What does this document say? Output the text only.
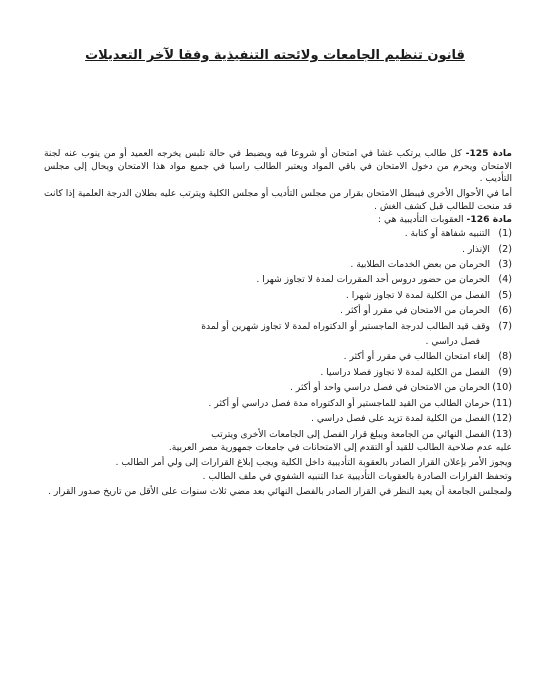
قانون تنظيم الجامعات ولائحته التنفيذية وفقا لآخر التعديلات

مادة 125- كل طالب يرتكب غشا في امتحان أو شروعا فيه ويضبط في حالة تلبس يخرجه العميد أو من ينوب عنه لجنة الامتحان ويحرم من دخول الامتحان في باقي المواد ويعتبر الطالب راسبا في جميع مواد هذا الامتحان ويحال إلى مجلس التأديب .

أما في الأحوال الأخرى فيبطل الامتحان بقرار من مجلس التأديب أو مجلس الكلية ويترتب عليه بطلان الدرجة العلمية إذا كانت قد منحت للطالب قبل كشف الغش .

مادة 126- العقوبات التأديبية هي :

(1)
التنبيه شفاهة أو كتابة .
(2)
الإنذار .
(3)
الحرمان من بعض الخدمات الطلابية .
(4)
الحرمان من حضور دروس أحد المقررات لمدة لا تجاوز شهرا .
(5)
الفصل من الكلية لمدة لا تجاوز شهرا .
(6)
الحرمان من الامتحان في مقرر أو أكثر .
(7)
وقف قيد الطالب لدرجة الماجستير أو الدكتوراه لمدة لا تجاوز شهرين أو لمدة
فصل دراسي .
(8)
إلغاء امتحان الطالب في مقرر أو أكثر .
(9)
الفصل من الكلية لمدة لا تجاوز فصلا دراسيا .
(10)
الحرمان من الامتحان في فصل دراسي واحد أو أكثر .
(11)
حرمان الطالب من القيد للماجستير أو الدكتوراه مدة فصل دراسي أو أكثر .
(12)
الفصل من الكلية لمدة تزيد على فصل دراسي .
(13)
الفصل النهائي من الجامعة ويبلغ قرار الفصل إلى الجامعات الأخرى ويترتب

عليه عدم صلاحية الطالب للقيد أو التقدم إلى الامتحانات في جامعات جمهورية مصر العربية.

ويجوز الأمر بإعلان القرار الصادر بالعقوبة التأديبية داخل الكلية ويجب إبلاغ القرارات إلى ولي أمر الطالب .

وتحفظ القرارات الصادرة بالعقوبات التأديبية عدا التنبيه الشفوي في ملف الطالب .

ولمجلس الجامعة أن يعيد النظر في القرار الصادر بالفصل النهائي بعد مضي ثلاث سنوات على الأقل من تاريخ صدور القرار .
